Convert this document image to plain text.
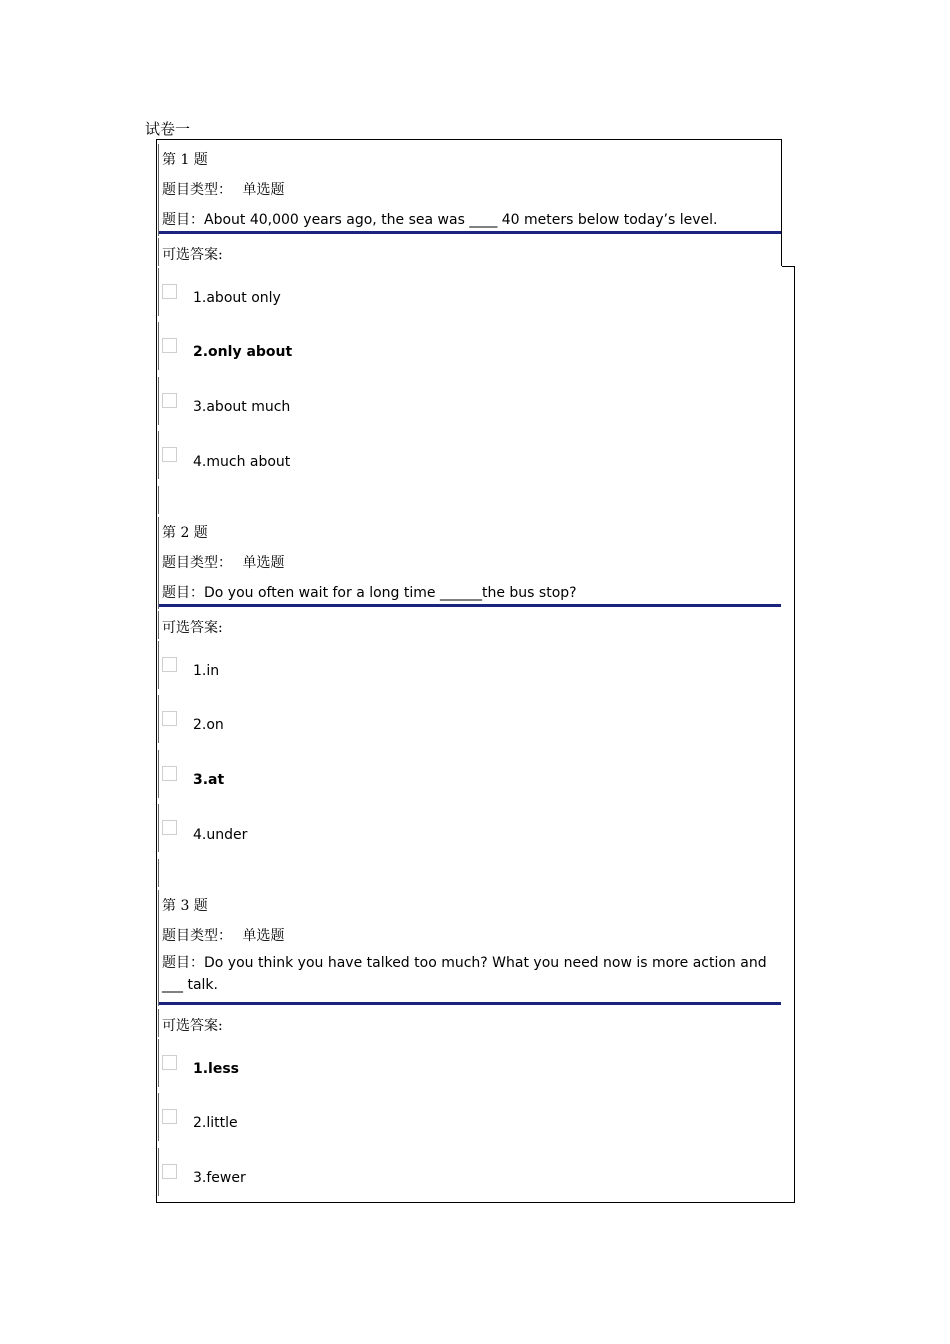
试卷一
第 1 题
题目类型： 单选题
题目：About 40,000 years ago, the sea was ____ 40 meters below today’s level.
可选答案:
1.about only
2.only about
3.about much
4.much about
第 2 题
题目类型： 单选题
题目：Do you often wait for a long time ______the bus stop?
可选答案:
1.in
2.on
3.at
4.under
第 3 题
题目类型： 单选题
题目：Do you think you have talked too much? What you need now is more action and ___ talk.
可选答案:
1.less
2.little
3.fewer
